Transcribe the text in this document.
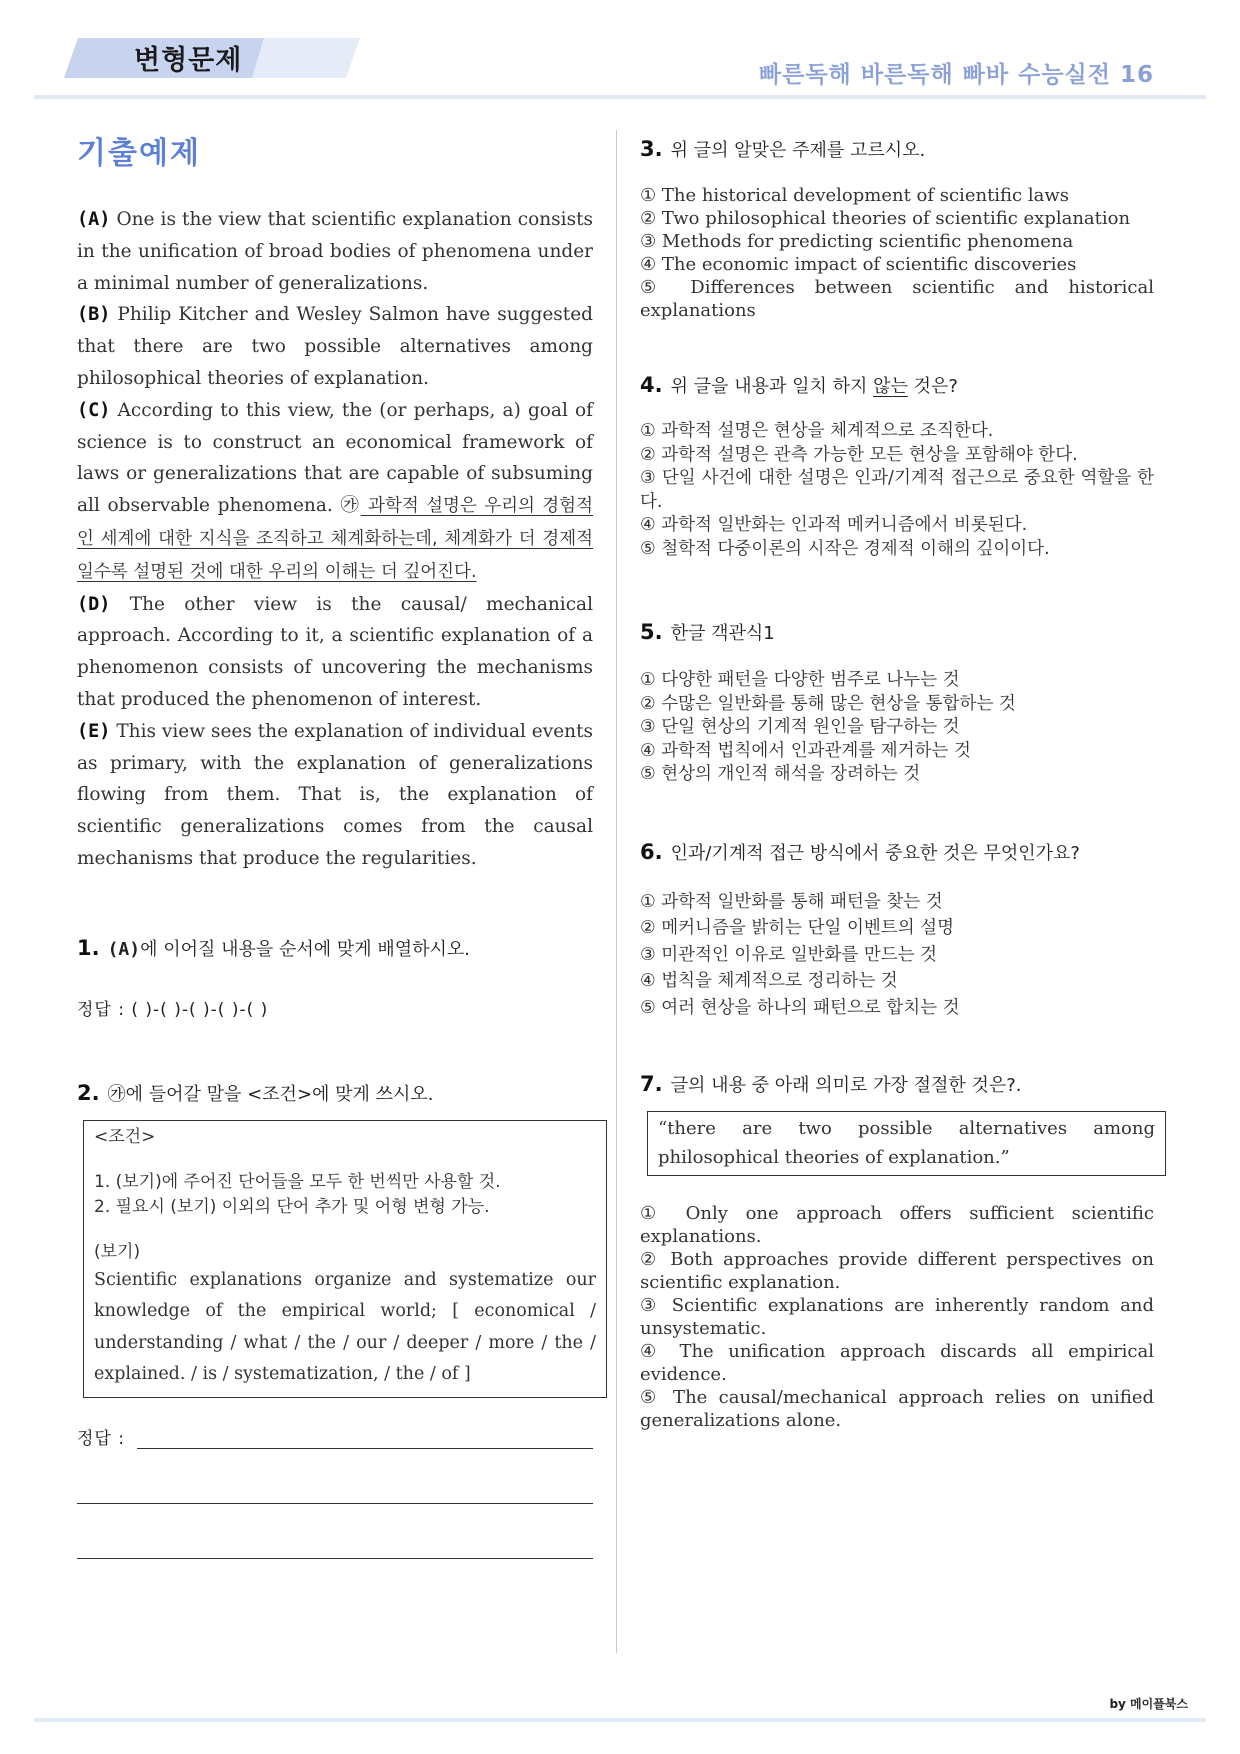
변형문제	빠른독해 바른독해 빠바 수능실전 16
기출예제

(A) One is the view that scientific explanation consists in the unification of broad bodies of phenomena under a minimal number of generalizations.

(B) Philip Kitcher and Wesley Salmon have suggested that there are two possible alternatives among philosophical theories of explanation.

(C) According to this view, the (or perhaps, a) goal of science is to construct an economical framework of laws or generalizations that are capable of subsuming all observable phenomena. ㉮ 과학적 설명은 우리의 경험적인 세계에 대한 지식을 조직하고 체계화하는데, 체계화가 더 경제적일수록 설명된 것에 대한 우리의 이해는 더 깊어진다.

(D) The other view is the causal/ mechanical approach. According to it, a scientific explanation of a phenomenon consists of uncovering the mechanisms that produced the phenomenon of interest.

(E) This view sees the explanation of individual events as primary, with the explanation of generalizations flowing from them. That is, the explanation of scientific generalizations comes from the causal mechanisms that produce the regularities.

1. (A) 에 이어질 내용을 순서에 맞게 배열하시오.
정답 : ( )-( )-( )-( )-( )
2. ㉮ 에 들어갈 말을 <조건>에 맞게 쓰시오.
<조건>
1. (보기)에 주어진 단어들을 모두 한 번씩만 사용할 것.
2. 필요시 (보기) 이외의 단어 추가 및 어형 변형 가능.
(보기)
Scientific explanations organize and systematize our knowledge of the empirical world; [ economical / understanding / what / the / our / deeper / more / the / explained. / is / systematization, / the / of ]
정답 :
3. 위 글의 알맞은 주제를 고르시오.
① The historical development of scientific laws
② Two philosophical theories of scientific explanation
③ Methods for predicting scientific phenomena
④ The economic impact of scientific discoveries
⑤ Differences between scientific and historical explanations
4. 위 글을 내용과 일치 하지 않는 것은?
① 과학적 설명은 현상을 체계적으로 조직한다.
② 과학적 설명은 관측 가능한 모든 현상을 포함해야 한다.
③ 단일 사건에 대한 설명은 인과/기계적 접근으로 중요한 역할을 한다.
④ 과학적 일반화는 인과적 메커니즘에서 비롯된다.
⑤ 철학적 다중이론의 시작은 경제적 이해의 깊이이다.
5. 한글 객관식1
① 다양한 패턴을 다양한 범주로 나누는 것
② 수많은 일반화를 통해 많은 현상을 통합하는 것
③ 단일 현상의 기계적 원인을 탐구하는 것
④ 과학적 법칙에서 인과관계를 제거하는 것
⑤ 현상의 개인적 해석을 장려하는 것
6. 인과/기계적 접근 방식에서 중요한 것은 무엇인가요?
① 과학적 일반화를 통해 패턴을 찾는 것
② 메커니즘을 밝히는 단일 이벤트의 설명
③ 미관적인 이유로 일반화를 만드는 것
④ 법칙을 체계적으로 정리하는 것
⑤ 여러 현상을 하나의 패턴으로 합치는 것
7. 글의 내용 중 아래 의미로 가장 절절한 것은?.
“there are two possible alternatives among philosophical theories of explanation.”
① Only one approach offers sufficient scientific explanations.
② Both approaches provide different perspectives on scientific explanation.
③ Scientific explanations are inherently random and unsystematic.
④ The unification approach discards all empirical evidence.
⑤ The causal/mechanical approach relies on unified generalizations alone.
by 메이플북스
